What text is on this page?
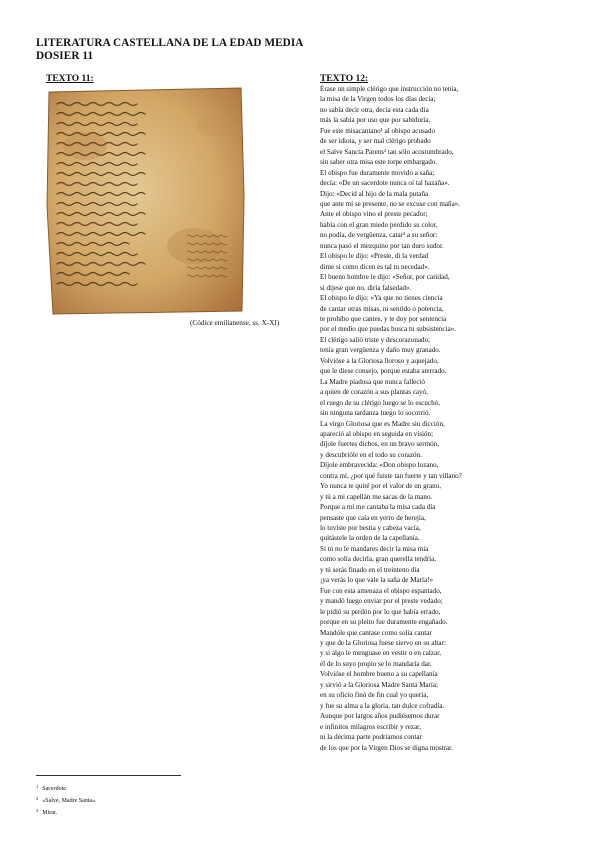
LITERATURA CASTELLANA DE LA EDAD MEDIA
DOSIER 11
TEXTO 11:
(Códice emilianense, ss. X-XI)
TEXTO 12:
Érase un simple clérigo que instrucción no tenía,
la misa de la Virgen todos los días decía;
no sabía decir otra, decía esta cada día
más la sabía por uso que por sabiduría.
Fue este misacantano¹ al obispo acusado
de ser idiota, y ser mal clérigo probado
el Salve Sancta Parens² tan sólo acostumbrado,
sin saber otra misa este torpe embargado.
El obispo fue duramente movido a saña;
decía: «De un sacerdote nunca oí tal hazaña».
Dijo: «Decid al hijo de la mala putaña
que ante mí se presente, no se excuse con maña».
Ante el obispo vino el preste pecador;
había con el gran miedo perdido su color,
no podía, de vergüenza, catar³ a su señor:
nunca pasó el mezquino por tan duro sudor.
El obispo le dijo: «Preste, di la verdad
dime si como dicen es tal tu necedad».
El bueno hombre le dijo: «Señor, por caridad,
si dijese que no, diría falsedad».
El obispo le dijo: «Ya que no tienes ciencia
de cantar otras misas, ni sentido o potencia,
te prohíbo que cantes, y te doy por sentencia
por el medio que puedas busca tu subsistencia».
El clérigo salió triste y descorazonado;
tenía gran vergüenza y daño muy granado.
Volvióse a la Gloriosa lloroso y aquejado,
que le diese consejo, porque estaba aterrado.
La Madre piadosa que nunca falleció
a quien de corazón a sus plantas cayó,
el ruego de su clérigo luego se lo escuchó,
sin ninguna tardanza luego lo socorrió.
La virgo Gloriosa que es Madre sin dicción,
apareció al obispo en seguida en visión;
díjole fuertes dichos, en un bravo sermón,
y descubrióle en el todo su corazón.
Díjole embravecida: «Don obispo lozano,
contra mí, ¿por qué fuiste tan fuerte y tan villano?
Yo nunca te quité por el valor de un grano,
y tú a mi capellán me sacas de la mano.
Porque a mí me cantaba la misa cada día
pensaste que caía en yerro de herejía,
lo tuviste por bestia y cabeza vacía,
quitástele la orden de la capellanía.
Si tú no le mandares decir la misa mía
como solía decirla, gran querella tendría,
y tú serás finado en el treinteno día
¡ya verás lo que vale la saña de María!»
Fue con esta amenaza el obispo espantado,
y mandó luego enviar por el preste vedado;
le pidió su perdón por lo que había errado,
porque en su pleito fue duramente engañado.
Mandóle que cantase como solía cantar
y que de la Gloriosa fuese siervo en su altar:
y si algo le menguase en vestir o en calzar,
él de lo suyo propio se lo mandaría dar.
Volvióse el hombre bueno a su capellanía
y sirvió a la Gloriosa Madre Santa María;
en su oficio finó de fin cual yo quería,
y fue su alma a la gloria, tan dulce cofradía.
Aunque por largos años pudiésemos durar
e infinitos milagros escribir y rezar,
ni la décima parte podríamos contar
de los que por la Virgen Dios se digna mostrar.
$^1$ Sacerdote.
$^2$ «Salve, Madre Santa».
$^3$ Mirar.
